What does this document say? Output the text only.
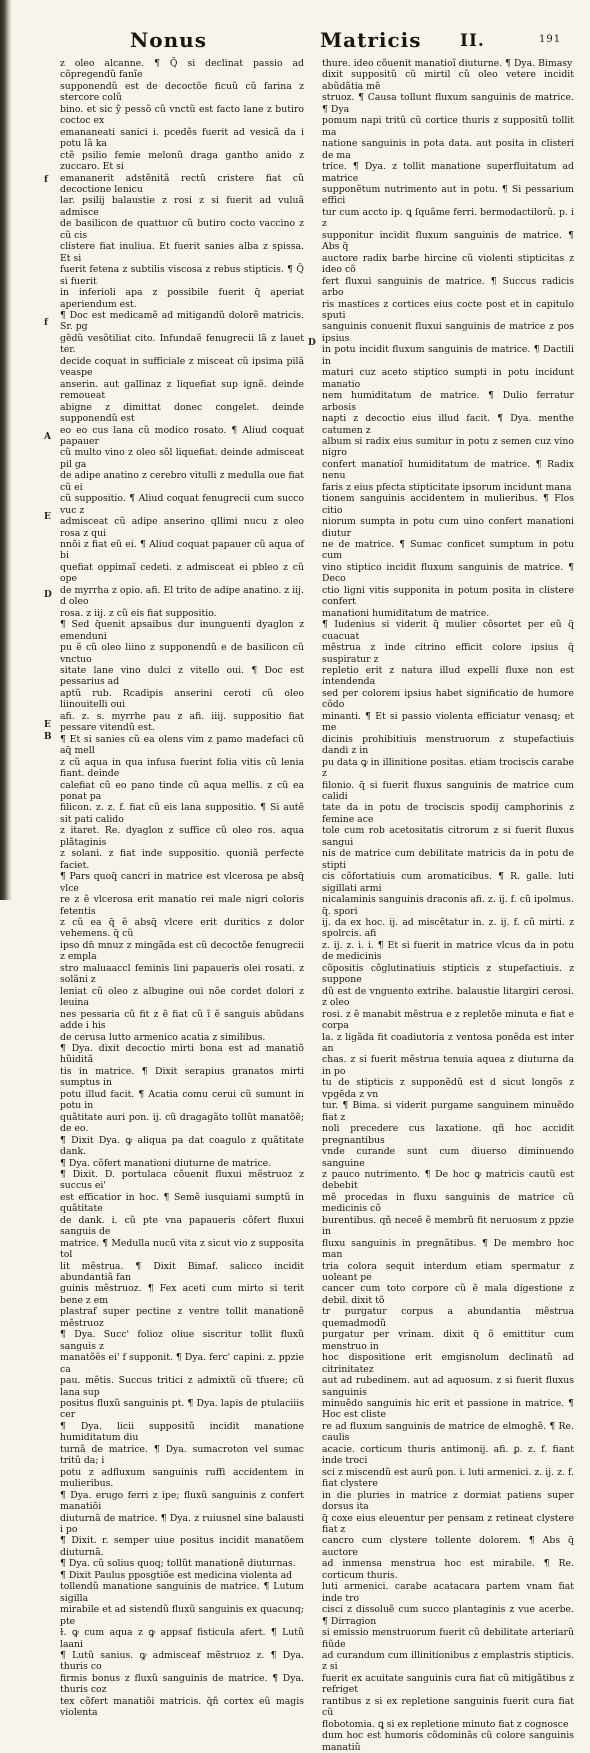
Nonus	Matricis II.	191

z oleo alcanne. ¶ Q̄ si declinat passio ad cõpregendũ fanĩe

supponendũ est de decoctõe ficuũ cũ farina z stercore colũ

bino. et sic ỹ pessõ cũ vnctũ est facto lane z butiro coctoc ex

emananeati sanici i. pcedẽs fuerit ad vesicã da i potu lã ka

ctẽ psilio femie melonũ draga gantho anido z zuccaro. Et si

emananerit adstẽnitã rectũ cristere fiat cũ decoctione lenicu

lar. psilij balaustie z rosi z si fuerit ad vuluã admisce

de basilicon de quattuor cũ butiro cocto vaccino z cũ cis

clistere fiat inuliua. Et fuerit sanies alba z spissa. Et si

fuerit fetena z subtilis viscosa z rebus stipticis. ¶ Q̄ si fuerit

in inferioli apa z possibile fuerit q̄ aperiat aperiendum est.

¶ Doc est medicamẽ ad mitigandũ dolorẽ matricis. Sr. pg

gẽdũ vesõtiliat cito. Infundaẽ fenugrecii lã z lauet ter.

decide coquat in sufficiale z misceat cũ ipsima pilã veaspe

anserin. aut gallinaz z liquefiat sup ignẽ. deinde remoueat

abigne z dimittat donec congelet. deinde supponendũ est

eo eo cus lana cũ modico rosato. ¶ Aliud coquat papauer

cũ multo vino z oleo sõl liquefiat. deinde admisceat pil ga

de adipe anatino z cerebro vitulli z medulla oue fiat cũ ei

cũ suppositio. ¶ Aliud coquat fenugrecii cum succo vuc z

admisceat cũ adipe anserino qllimi nucu z oleo rosa z qui

nnõi z fiat eũ ei. ¶ Aliud coquat papauer cũ aqua of bi

quefiat oppimaĩ cedeti. z admisceat ei pbleo z cũ ope

de myrrha z opio. afi. El trito de adipe anatino. z iij. d oleo

rosa. z iij. z cũ eis fiat suppositio.

¶ Sed q̄uenit apsaibus dur inunguenti dyaglon z emenduni

pu ẽ cũ oleo liino z supponendũ e de basilicon cũ vnctuo

sitate lane vino dulci z vitello oui. ¶ Doc est pessarius ad

aptũ rub. Rcadipis anserini ceroti cũ oleo liinouitelli oui

afi. z. s. myrrhe pau z afi. iiij. suppositio fiat pessare vitendũ est.

¶ Et si sanies cũ ea olens vim z pamo madefaci cũ aq̄ mell

z cũ aqua in qua infusa fuerint folia vitis cũ lenia fiant. deinde

calefiat cũ eo pano tinde cũ aqua mellis. z cũ ea ponat pa

filicon. z. z. f. fiat cũ eis lana suppositio. ¶ Si autẽ sit pati calido

z itaret. Re. dyaglon z suffice cũ oleo ros. aqua plãtaginis

z solani. z fiat inde suppositio. quoniã perfecte faciet.

¶ Pars quoq̄ cancri in matrice est vlcerosa pe absq̄ vlce

re z ẽ vlcerosa erit manatio rei male nigri coloris fetentis

z cũ ea q̄ ẽ absq̄ vlcere erit duritics z dolor vehemens. q̄ cũ

ipso dn̄ mnuz z mingãda est cũ decoctõe fenugrecii z empla

stro maluaaccl feminis lini papaueris olei rosati. z solãni z

leniat cũ oleo z albugine oui nõe cordet dolori z leuina

nes pessaria cũ fit z ẽ fiat cũ ĩ ẽ sanguis abũdans adde i his

de cerusa lutto armenico acatia z similibus.

¶ Dya. dixit decoctio mirti bona est ad manatiõ hũiditã

tis in matrice. ¶ Dixit serapius granatos mirti sumptus in

potu illud facit. ¶ Acatia comu cerui cũ sumunt in potu in

quãtitate auri pon. ij. cũ dragagãto tollũt manatõẽ; de eo.

¶ Dixit Dya. ꝙ aliqua pa dat coagulo z quãtitate dank.

¶ Dya. cõfert manationi diuturne de matrice.

¶ Dixit. D. portulaca cõuenit fluxui mẽstruoz z succus ei'

est efficatior in hoc. ¶ Semẽ iusquiami sumptũ in quãtitate

de dank. i. cũ pte vna papaueris cõfert fluxui sanguis de

matrice. ¶ Medulla nucũ vita z sicut vio z supposita tol

lit mẽstrua. ¶ Dixit Bimaf. salicco incidit abundantiã fan

guinis mẽstruoz. ¶ Fex aceti cum mirto si terit bene z em

plastraf super pectine z ventre tollit manationẽ mẽstruoz

¶ Dya. Succ' folioz oliue siscritur tollit fluxũ sanguis z

manatõẽs ei' f supponit. ¶ Dya. ferc' capini. z. ppzie ca

pau. mẽtis. Succus tritici z admixtũ cũ tfuere; cũ lana sup

positus fluxũ sanguinis pt. ¶ Dya. lapis de ptulaciiis cer

¶ Dya. licii suppositũ incidit manatione humiditatum diu

turnã de matrice. ¶ Dya. sumacroton vel sumac tritũ da; i

potu z adfluxum sanguinis ruffi accidentem in mulieribus.

¶ Dya. erugo ferri z ipe; fluxũ sanguinis z confert manatiõi

diuturnã de matrice. ¶ Dya. z ruiusnel sine balausti i po

¶ Dixit. r. semper uiue positus incidit manatõem diuturnã.

¶ Dya. cũ solius quoq; tollũt manationẽ diuturnas.

¶ Dixit Paulus pposgtiõe est medicina violenta ad

tollendũ manatione sanguinis de matrice. ¶ Lutum sigilla

mirabile et ad sistendũ fluxũ sanguinis ex quacunq; pte

ɫ. ꝙ cum aqua z ꝙ appsaf fisticula afert. ¶ Lutũ laani

¶ Lutũ sanius. ꝙ admisceaf mẽstruoz z. ¶ Dya. thuris co

firmis bonus z fluxũ sanguinis de matrice. ¶ Dya. thuris coz

tex cõfert manatiõi matricis. q̄ñ cortex eũ magis violenta

thure. ideo cõuenit manatioĩ diuturne. ¶ Dya. Bimasy

dixit suppositũ cũ mirtil cũ oleo vetere incidit abũdãtia mẽ

struoz. ¶ Causa tollunt fluxum sanguinis de matrice. ¶ Dya

pomum napi tritũ cũ cortice thuris z suppositũ tollit ma

natione sanguinis in pota data. aut posita in clisteri de ma

trice. ¶ Dya. z tollit manatione superfluitatum ad matrice

supponẽtum nutrimento aut in potu. ¶ Si pessarium effici

tur cum accto ip. ꝗ ſquãme ferri. bermodactilorũ. p. i z

supponitur incidit fluxum sanguinis de matrice. ¶ Abs q̄

auctore radix barbe hircine cũ violenti stipticitas z ideo cõ

fert fluxui sanguinis de matrice. ¶ Succus radicis arbo

ris mastices z cortices eius cocte post et in capitulo sputi

sanguinis conuenit fluxui sanguinis de matrice z pos ipsius

in potu incidit fluxum sanguinis de matrice. ¶ Dactili in

maturi cuz aceto stiptico sumpti in potu incidunt manatio

nem humiditatum de matrice. ¶ Dulio ferratur arbosis

napti z decoctio eius illud facit. ¶ Dya. menthe catumen z

album si radix eius sumitur in potu z semen cuz vino nigro

confert manatioĩ humiditatum de matrice. ¶ Radix nenu

faris z eius pfecta stipticitate ipsorum incidunt mana

tionem sanguinis accidentem in mulieribus. ¶ Flos citio

niorum sumpta in potu cum uino confert manationi diutur

ne de matrice. ¶ Sumac conficet sumptum in potu cum

vino stiptico incidit fluxum sanguinis de matrice. ¶ Deco

ctio ligni vitis supponita in potum posita in clistere confert

manationi humiditatum de matrice.

¶ Iudenius si viderit q̄ mulier cõsortet per eũ q̄ cuacuat

mẽstrua z inde citrino efficit colore ipsius q̄ suspiratur z

repletio erit z natura illud expelli fluxe non est intendenda

sed per colorem ipsius habet significatio de humore cõdo

minanti. ¶ Et si passio violenta efficiatur venasq; et me

dicinis prohibitiuis menstruorum z stupefactiuis dandi z in

pu data ꝙ in illinitione positas. etiam trociscis carabe z

filonio. q̄ si fuerit fluxus sanguinis de matrice cum calidi

tate da in potu de trociscis spodij camphorinis z femine ace

tole cum rob acetositatis citrorum z si fuerit fluxus sangui

nis de matrice cum debilitate matricis da in potu de stipti

cis cõfortatiuis cum aromaticibus. ¶ R. galle. luti sigillati armi

nicalaminis sanguinis draconis afi. z. ij. f. cũ ipolmus. q̃. spori

ij. da ex hoc. ij. ad miscẽtatur in. z. ij. f. cũ mirti. z spolrcis. afi

z. ij. z. i. i. ¶ Et si fuerit in matrice vlcus da in potu de medicinis

cõpositis cõglutinatiuis stipticis z stupefactiuis. z suppone

dũ est de vnguento extrihe. balaustie litargiri cerosi. z oleo

rosi. z ẽ manabit mẽstrua e z repletõe minuta e fiat e corpa

la. z ligãda fit coadiutoria z ventosa ponẽda est inter an

chas. z si fuerit mẽstrua tenuia aquea z diuturna da in po

tu de stipticis z supponẽdũ est d sicut longõs z vpgẽda z vn

tur. ¶ Bima. si viderit purgame sanguinem minuẽdo fiat z

noli precedere cus laxatione. qñ hoc accidit pregnantibus

vnde curande sunt cum diuerso diminuendo sanguine

z pauco nutrimento. ¶ De hoc ꝙ matricis cautũ est debebit

mẽ procedas in fluxu sanguinis de matrice cũ medicinis cõ

burentibus. qñ neceẽ ẽ membrũ fit neruosum z ppzie in

fluxu sanguinis in pregnãtibus. ¶ De membro hoc man

tria colora sequit interdum etiam spermatur z uoleant pe

cancer cum toto corpore cũ ẽ mala digestione z debil. dixit tõ

tr purgatur corpus a abundantia mẽstrua quemadmodũ

purgatur per vrinam. dixit q̄ õ emittitur cum menstruo in

hoc dispositione erit emgisnolum declinatũ ad citrinitatez

aut ad rubedinem. aut ad aquosum. z si fuerit fluxus sanguinis

minuẽdo sanguinis hic erit et passione in matrice. ¶ Hoc est cliste

re ad fluxum sanguinis de matrice de elmoghẽ. ¶ Re. caulis

acacie. corticum thuris antimonij. afi. ꝑ. z. f. fiant inde troci

sci z miscendũ est aurũ pon. i. luti armenici. z. ij. z. f. fiat clystere

in die pluries in matrice z dormiat patiens super dorsus ita

q̄ coxe eius eleuentur per pensam z retineat clystere fiat z

cancro cum clystere tollente dolorem. ¶ Abs q̄ auctore

ad inmensa menstrua hoc est mirabile. ¶ Re. corticum thuris.

luti armenici. carabe acatacara partem vnam fiat inde tro

cisci z dissoluẽ cum succo plantaginis z vue acerbe. ¶ Dirragion

si emissio menstruorum fuerit cũ debilitate arteriarũ fiũde

ad curandum cum illinitionibus z emplastris stipticis. z si

fuerit ex acuitate sanguinis cura fiat cũ mitigãtibus z refriget

rantibus z si ex repletione sanguinis fuerit cura fiat cũ

flobotomia. ꝗ si ex repletione minuto fiat z cognosce

dum hoc est humoris cõdominãs cũ colore sanguinis manatiũ

f
f
A
E
D
E
B
D
